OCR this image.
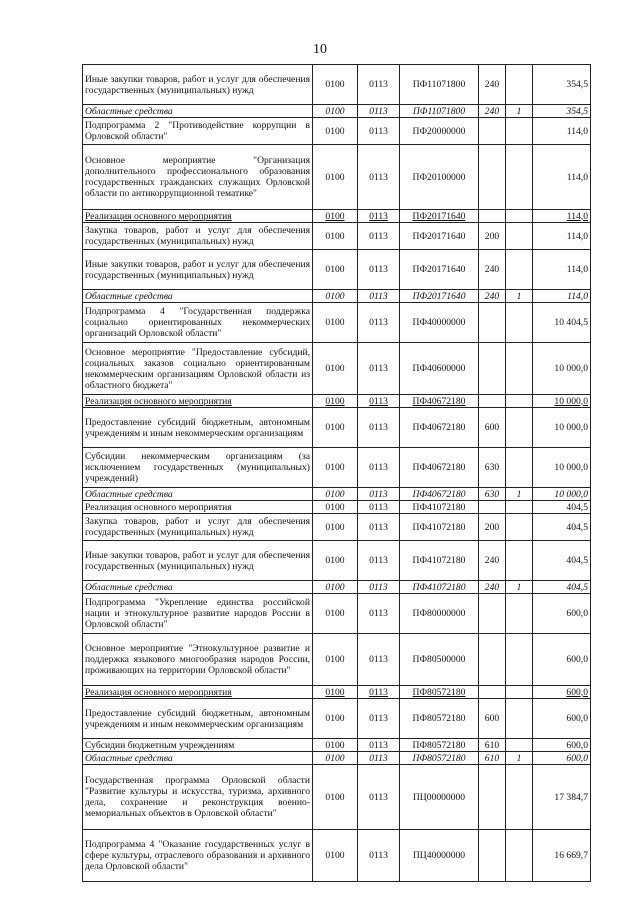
10
Иные закупки товаров, работ и услуг для обеспечения государственных (муниципальных) нужд	0100	0113	ПФ11071800	240		354,5
Областные средства	0100	0113	ПФ11071800	240	1	354,5
Подпрограмма 2 "Противодействие коррупции в Орловской области"	0100	0113	ПФ20000000			114,0
Основное мероприятие "Организация дополнительного профессионального образования государственных гражданских служащих Орловской области по антикоррупционной тематике"	0100	0113	ПФ20100000			114,0
Реализация основного мероприятия	0100	0113	ПФ20171640			114,0
Закупка товаров, работ и услуг для обеспечения государственных (муниципальных) нужд	0100	0113	ПФ20171640	200		114,0
Иные закупки товаров, работ и услуг для обеспечения государственных (муниципальных) нужд	0100	0113	ПФ20171640	240		114,0
Областные средства	0100	0113	ПФ20171640	240	1	114,0
Подпрограмма 4 "Государственная поддержка социально ориентированных некоммерческих организаций Орловской области"	0100	0113	ПФ40000000			10 404,5
Основное мероприятие "Предоставление субсидий, социальных заказов социально ориентированным некоммерческим организациям Орловской области из областного бюджета"	0100	0113	ПФ40600000			10 000,0
Реализация основного мероприятия	0100	0113	ПФ40672180			10 000,0
Предоставление субсидий бюджетным, автономным учреждениям и иным некоммерческим организациям	0100	0113	ПФ40672180	600		10 000,0
Субсидии некоммерческим организациям (за исключением государственных (муниципальных) учреждений)	0100	0113	ПФ40672180	630		10 000,0
Областные средства	0100	0113	ПФ40672180	630	1	10 000,0
Реализация основного мероприятия	0100	0113	ПФ41072180			404,5
Закупка товаров, работ и услуг для обеспечения государственных (муниципальных) нужд	0100	0113	ПФ41072180	200		404,5
Иные закупки товаров, работ и услуг для обеспечения государственных (муниципальных) нужд	0100	0113	ПФ41072180	240		404,5
Областные средства	0100	0113	ПФ41072180	240	1	404,5
Подпрограмма "Укрепление единства российской нации и этнокультурное развитие народов России в Орловской области"	0100	0113	ПФ80000000			600,0
Основное мероприятие "Этнокультурное развитие и поддержка языкового многообразия народов России, проживающих на территории Орловской области"	0100	0113	ПФ80500000			600,0
Реализация основного мероприятия	0100	0113	ПФ80572180			600,0
Предоставление субсидий бюджетным, автономным учреждениям и иным некоммерческим организациям	0100	0113	ПФ80572180	600		600,0
Субсидии бюджетным учреждениям	0100	0113	ПФ80572180	610		600,0
Областные средства	0100	0113	ПФ80572180	610	1	600,0
Государственная программа Орловской области "Развитие культуры и искусства, туризма, архивного дела, сохранение и реконструкция военно-мемориальных объектов в Орловской области"	0100	0113	ПЦ00000000			17 384,7
Подпрограмма 4 "Оказание государственных услуг в сфере культуры, отраслевого образования и архивного дела Орловской области"	0100	0113	ПЦ40000000			16 669,7
